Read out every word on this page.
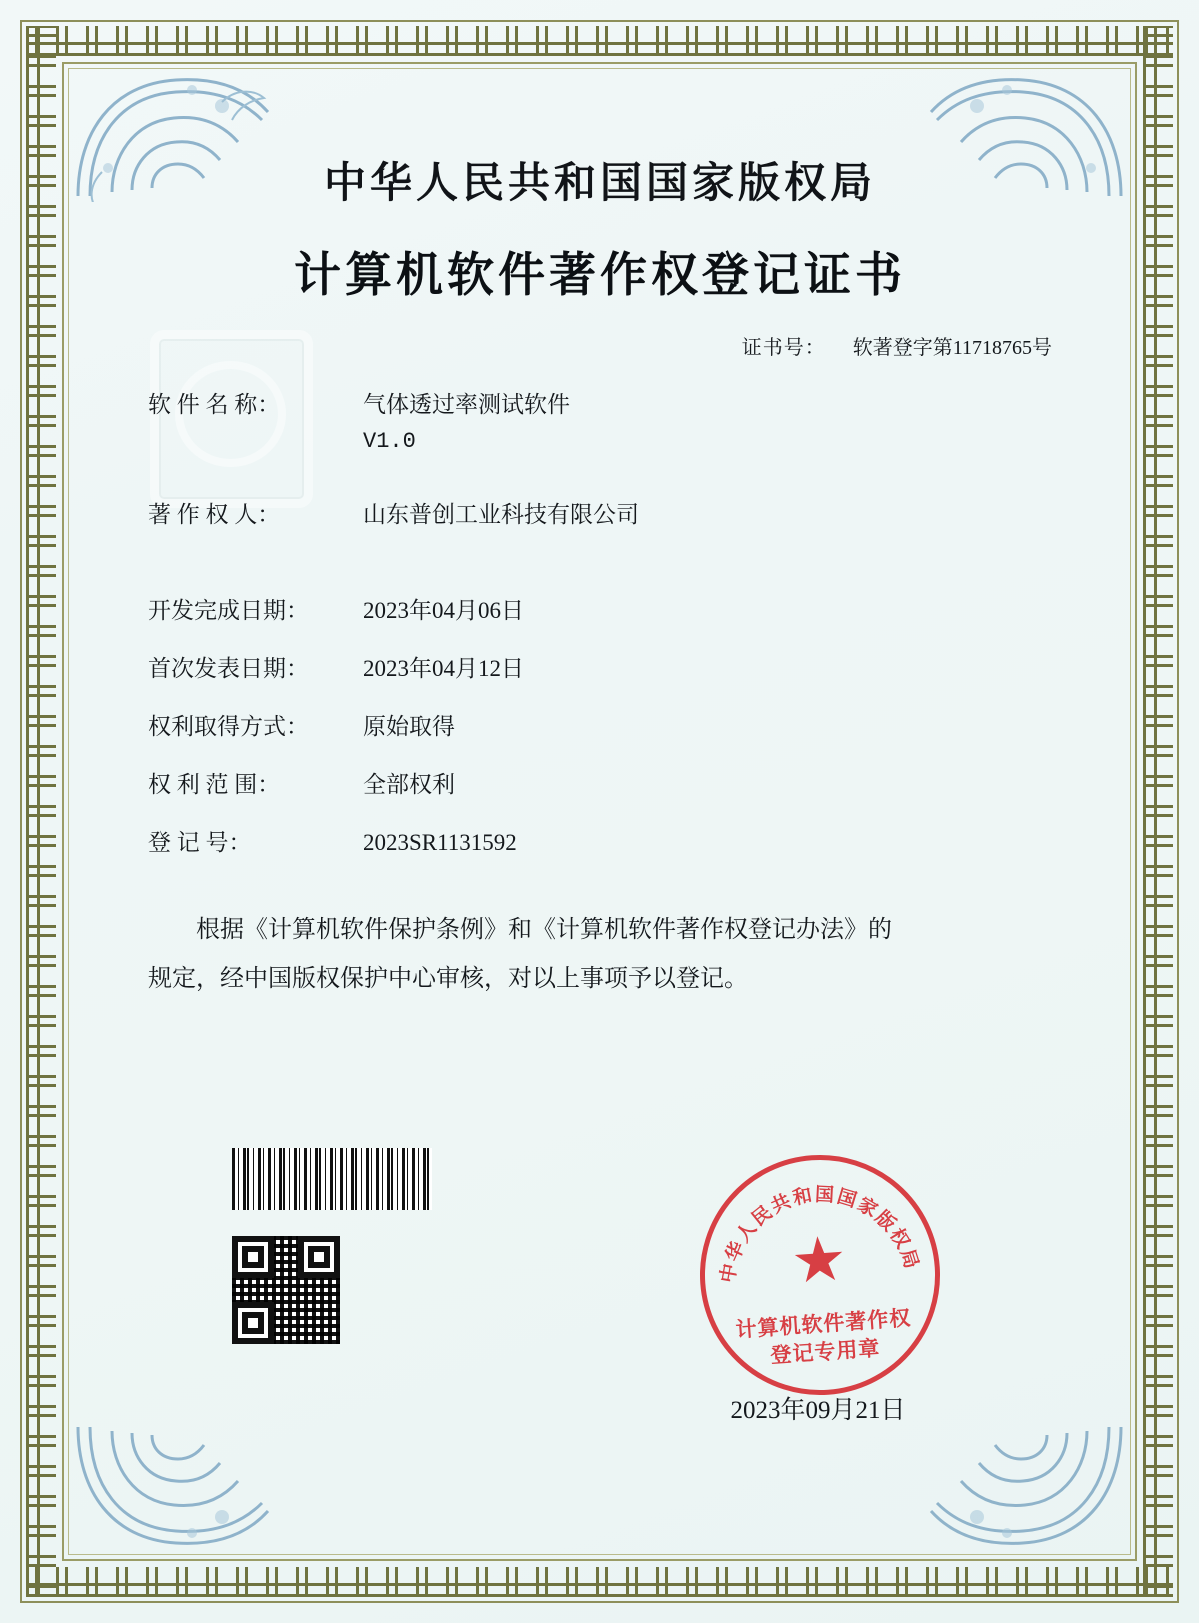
中华人民共和国国家版权局
计算机软件著作权登记证书
证书号： 软著登字第11718765号
软 件 名 称：	气体透过率测试软件
V1.0
著 作 权 人：	山东普创工业科技有限公司
开发完成日期：	2023年04月06日
首次发表日期：	2023年04月12日
权利取得方式：	原始取得
权 利 范 围：	全部权利
登 记 号：	2023SR1131592
根据《计算机软件保护条例》和《计算机软件著作权登记办法》的
规定，经中国版权保护中心审核，对以上事项予以登记。
中华人民共和国国家版权局
★
计算机软件著作权
登记专用章
2023年09月21日
